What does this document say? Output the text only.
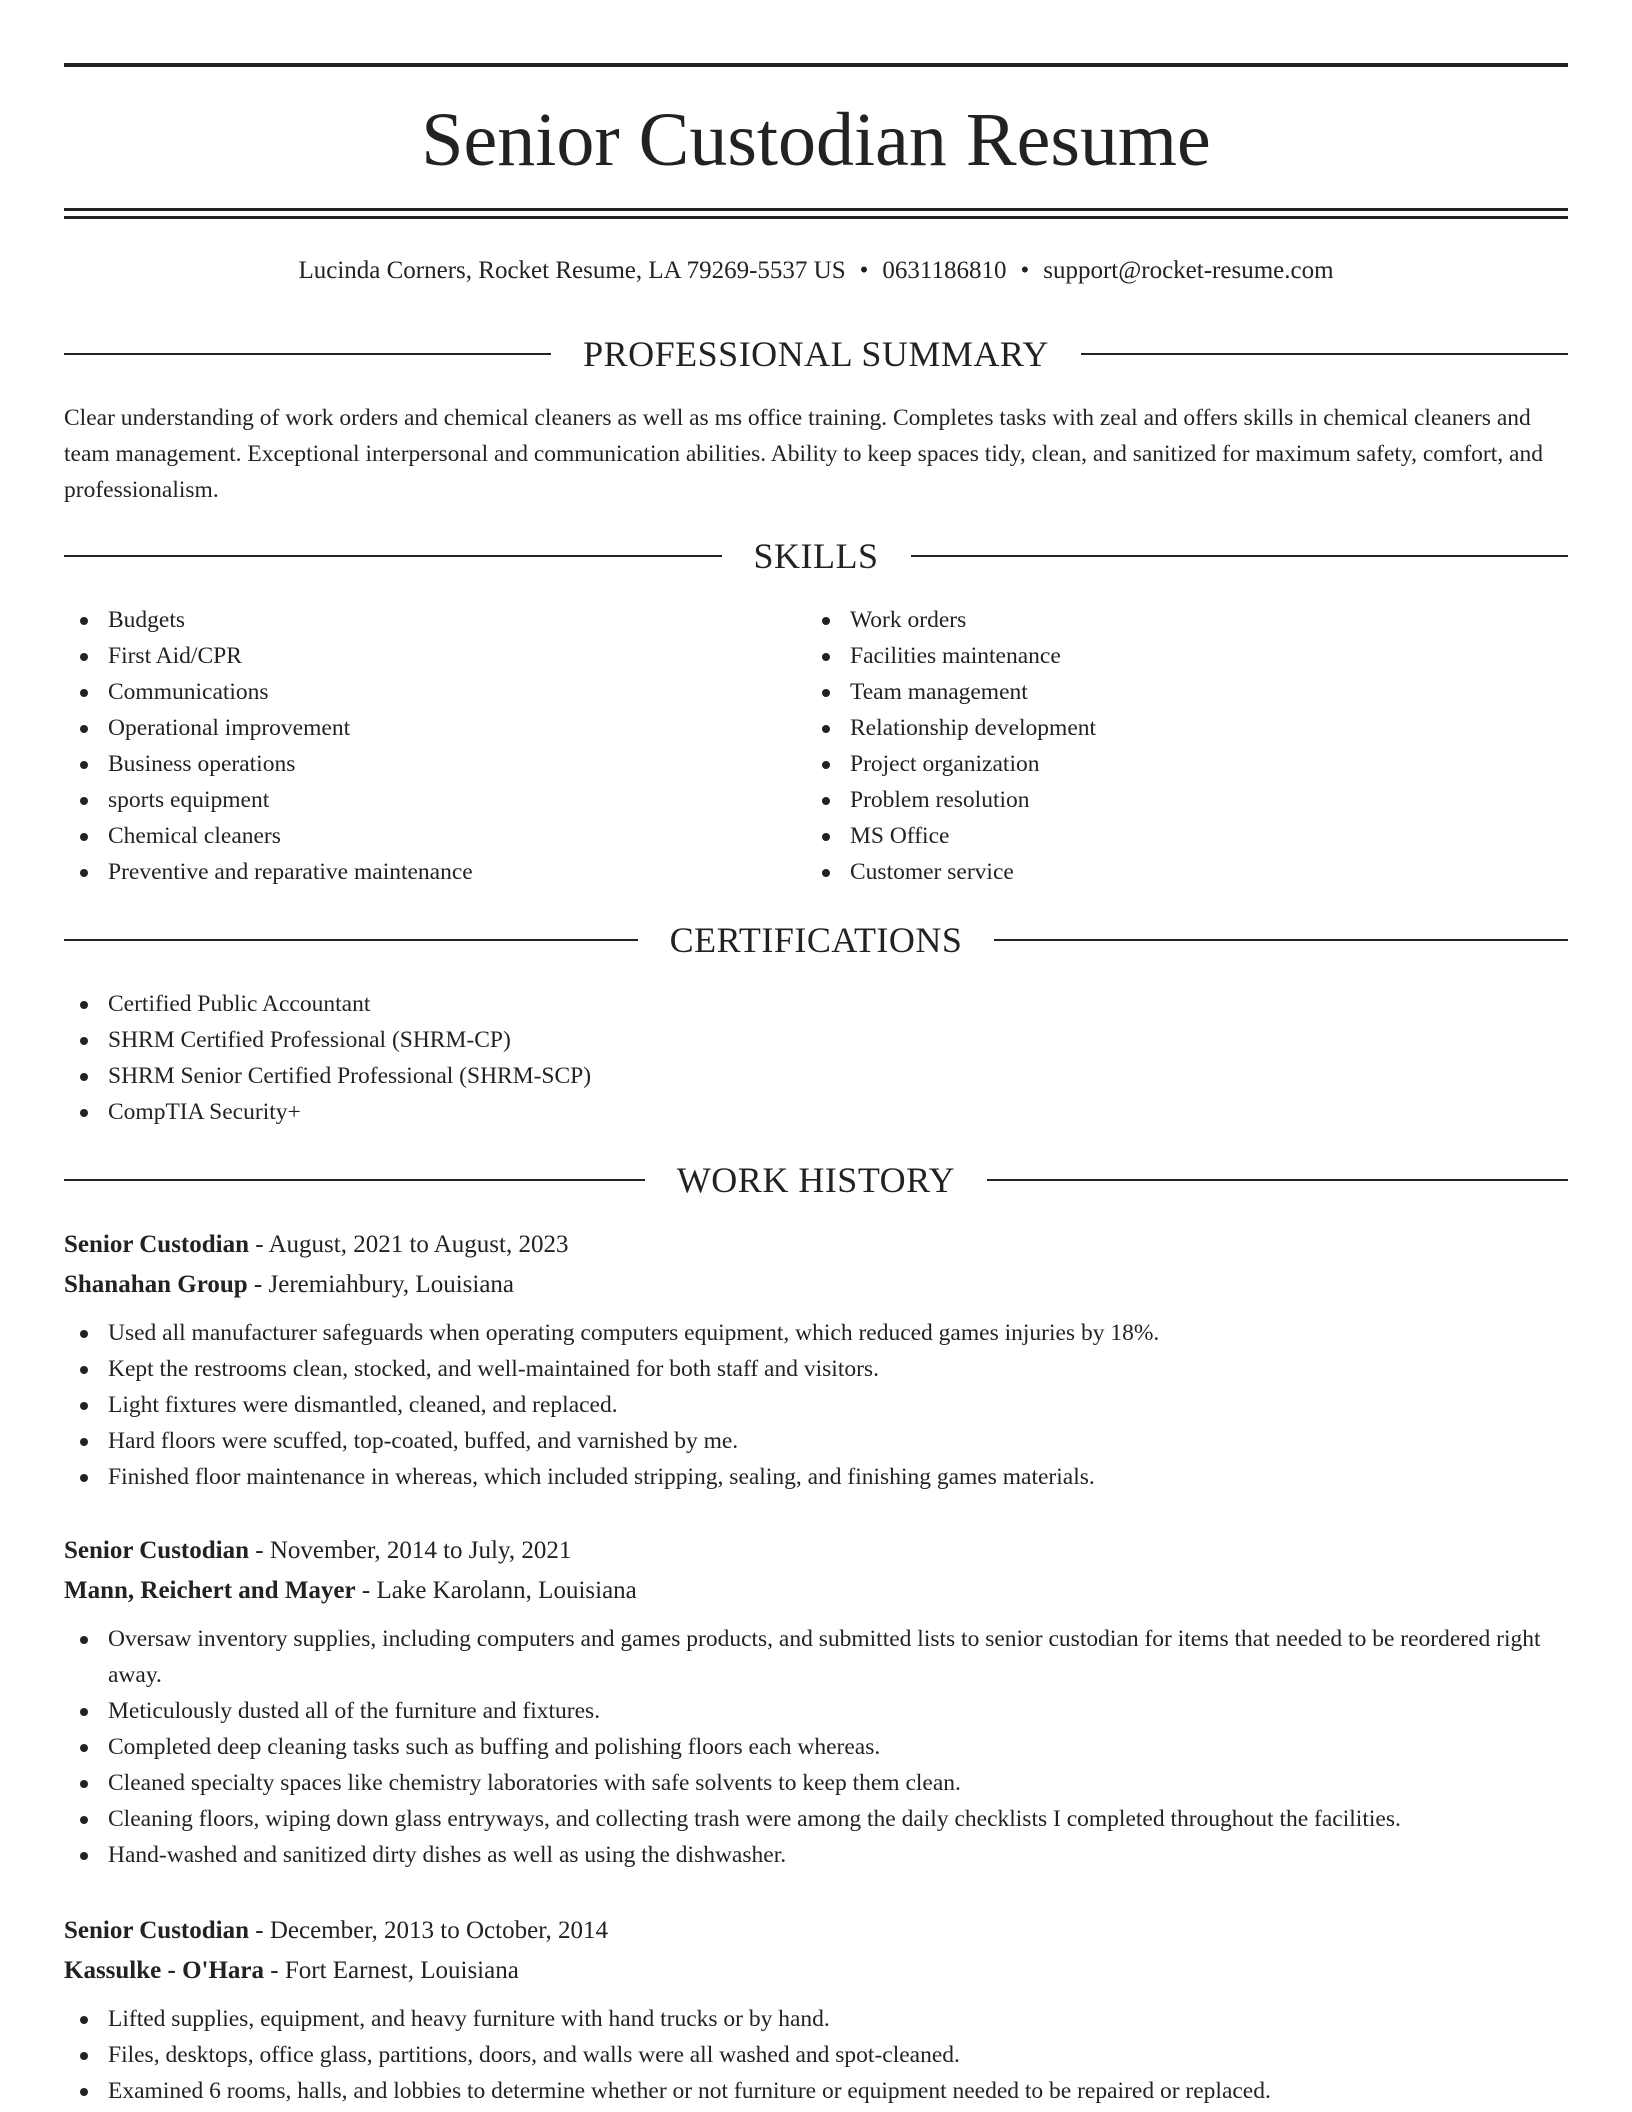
Senior Custodian Resume
Lucinda Corners, Rocket Resume, LA 79269-5537 US • 0631186810 • support@rocket-resume.com
PROFESSIONAL SUMMARY

Clear understanding of work orders and chemical cleaners as well as ms office training. Completes tasks with zeal and offers skills in chemical cleaners and team management. Exceptional interpersonal and communication abilities. Ability to keep spaces tidy, clean, and sanitized for maximum safety, comfort, and professionalism.

SKILLS
Budgets
First Aid/CPR
Communications
Operational improvement
Business operations
sports equipment
Chemical cleaners
Preventive and reparative maintenance
Work orders
Facilities maintenance
Team management
Relationship development
Project organization
Problem resolution
MS Office
Customer service
CERTIFICATIONS
Certified Public Accountant
SHRM Certified Professional (SHRM-CP)
SHRM Senior Certified Professional (SHRM-SCP)
CompTIA Security+
WORK HISTORY
Senior Custodian - August, 2021 to August, 2023
Shanahan Group - Jeremiahbury, Louisiana
Used all manufacturer safeguards when operating computers equipment, which reduced games injuries by 18%.
Kept the restrooms clean, stocked, and well-maintained for both staff and visitors.
Light fixtures were dismantled, cleaned, and replaced.
Hard floors were scuffed, top-coated, buffed, and varnished by me.
Finished floor maintenance in whereas, which included stripping, sealing, and finishing games materials.
Senior Custodian - November, 2014 to July, 2021
Mann, Reichert and Mayer - Lake Karolann, Louisiana
Oversaw inventory supplies, including computers and games products, and submitted lists to senior custodian for items that needed to be reordered right away.
Meticulously dusted all of the furniture and fixtures.
Completed deep cleaning tasks such as buffing and polishing floors each whereas.
Cleaned specialty spaces like chemistry laboratories with safe solvents to keep them clean.
Cleaning floors, wiping down glass entryways, and collecting trash were among the daily checklists I completed throughout the facilities.
Hand-washed and sanitized dirty dishes as well as using the dishwasher.
Senior Custodian - December, 2013 to October, 2014
Kassulke - O'Hara - Fort Earnest, Louisiana
Lifted supplies, equipment, and heavy furniture with hand trucks or by hand.
Files, desktops, office glass, partitions, doors, and walls were all washed and spot-cleaned.
Examined 6 rooms, halls, and lobbies to determine whether or not furniture or equipment needed to be repaired or replaced.
